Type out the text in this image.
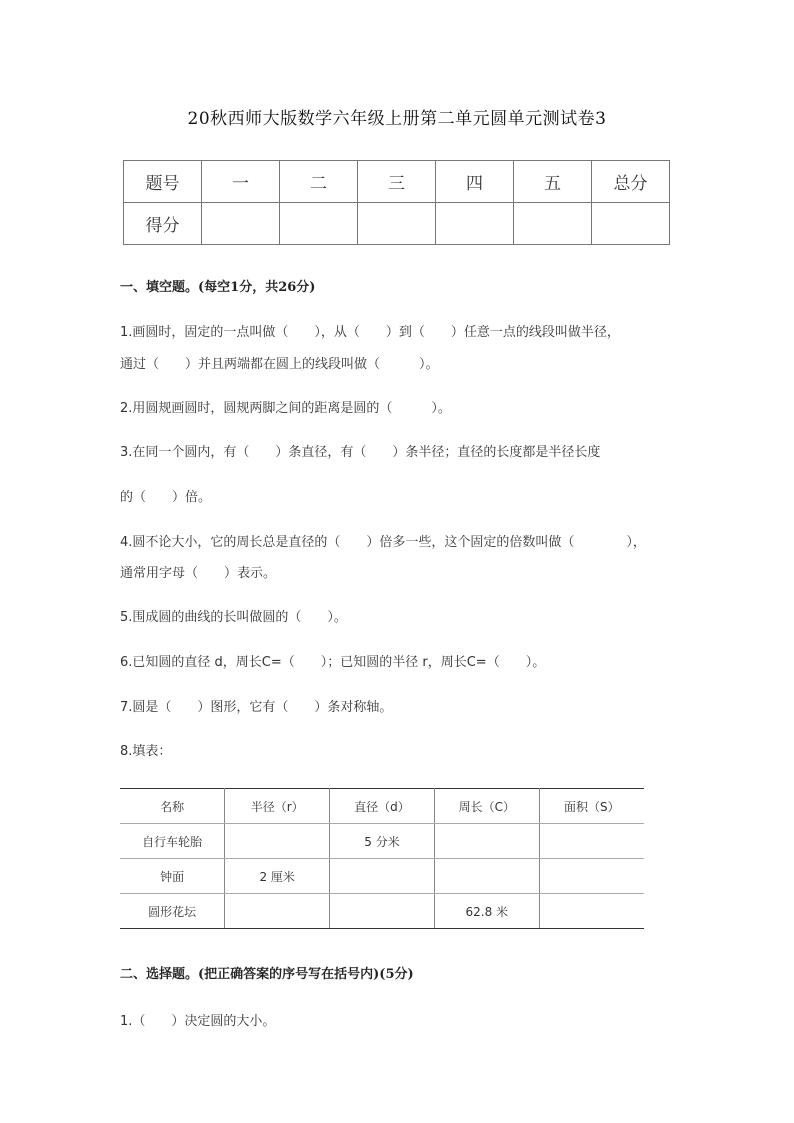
20秋西师大版数学六年级上册第二单元圆单元测试卷3
题号	一	二	三	四	五	总分
得分						
一、填空题。(每空1分，共26分)
1.画圆时，固定的一点叫做（　　），从（　　）到（　　）任意一点的线段叫做半径，
通过（　　）并且两端都在圆上的线段叫做（　　　）。
2.用圆规画圆时，圆规两脚之间的距离是圆的（　　　）。
3.在同一个圆内，有（　　）条直径，有（　　）条半径；直径的长度都是半径长度
的（　　）倍。
4.圆不论大小，它的周长总是直径的（　　）倍多一些，这个固定的倍数叫做（　　　　），
通常用字母（　　）表示。
5.围成圆的曲线的长叫做圆的（　　）。
6.已知圆的直径 d，周长C=（　　）；已知圆的半径 r，周长C=（　　）。
7.圆是（　　）图形，它有（　　）条对称轴。
8.填表：
名称	半径（r）	直径（d）	周长（C）	面积（S）
自行车轮胎		5 分米		
钟面	2 厘米			
圆形花坛			62.8 米	
二、选择题。(把正确答案的序号写在括号内)(5分)
1.（　　）决定圆的大小。
